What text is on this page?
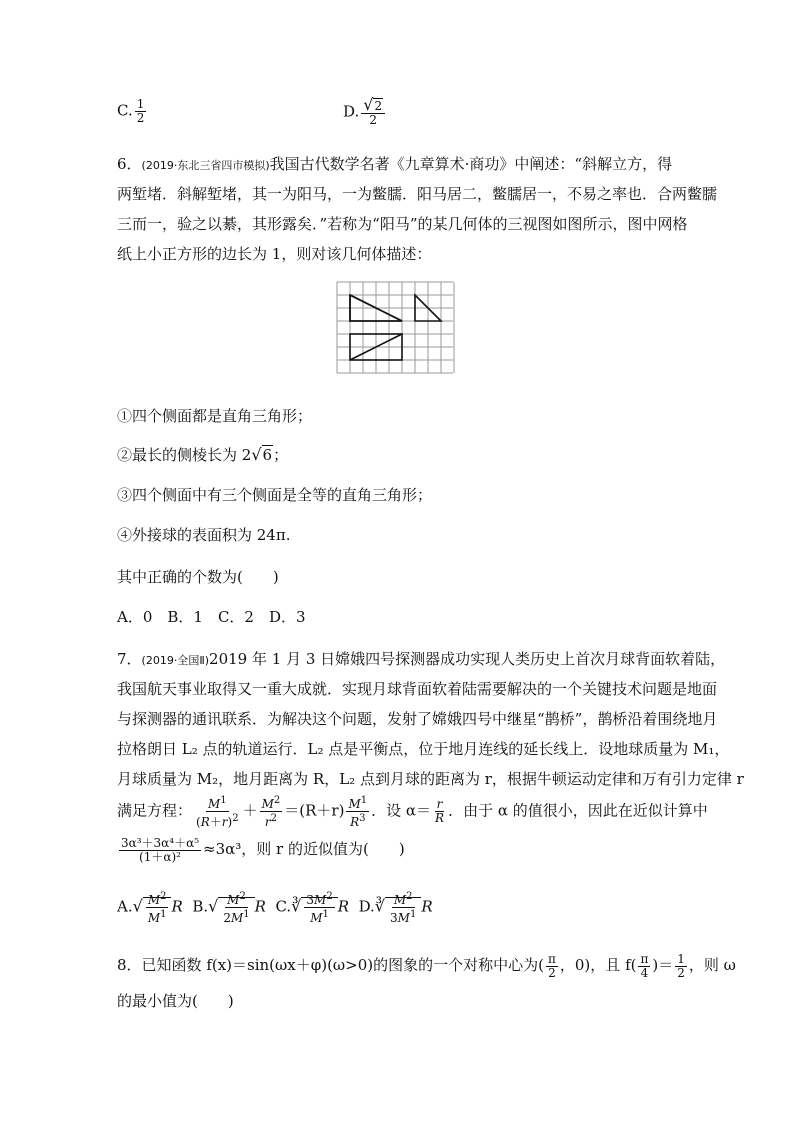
C. $\frac{1}{2}$	D. $\frac{√2}{2}$
6．(2019·东北三省四市模拟)我国古代数学名著《九章算术·商功》中阐述：“斜解立方，得
两堑堵．斜解堑堵，其一为阳马，一为鳖臑．阳马居二，鳖臑居一，不易之率也．合两鳖臑
三而一，验之以綦，其形露矣．”若称为“阳马”的某几何体的三视图如图所示，图中网格
纸上小正方形的边长为 1，则对该几何体描述：
①四个侧面都是直角三角形；
②最长的侧棱长为 2√6；
③四个侧面中有三个侧面是全等的直角三角形；
④外接球的表面积为 24π.
其中正确的个数为(　　)
A．0　B．1　C．2　D．3
7．(2019·全国Ⅱ)2019 年 1 月 3 日嫦娥四号探测器成功实现人类历史上首次月球背面软着陆，
我国航天事业取得又一重大成就．实现月球背面软着陆需要解决的一个关键技术问题是地面
与探测器的通讯联系．为解决这个问题，发射了嫦娥四号中继星“鹊桥”，鹊桥沿着围绕地月
拉格朗日 L₂ 点的轨道运行．L₂ 点是平衡点，位于地月连线的延长线上．设地球质量为 M₁，
月球质量为 M₂，地月距离为 R，L₂ 点到月球的距离为 r，根据牛顿运动定律和万有引力定律 r
满足方程： $\frac{M^1}{(R+r)^2} + \frac{M^2}{r^2} =(R+r) \frac{M^1}{R^3}$ ．设 $\alpha= \frac{r}{R}$ ．由于 α 的值很小，因此在近似计算中
$\frac{\text{3α³＋3α⁴＋α⁵}}{\text{(1＋α)²}} \approx 3\alpha^3$，则 r 的近似值为(　　)
$A.√ \frac{M^2}{M^1}$ R $B.√ \frac{M^2}{2M^1}$ R C.∛ $\frac{3M^2}{M^1}$ R D.∛ $\frac{M^2}{3M^1}$ R
8．已知函数 f(x)＝sin(ωx＋φ)(ω>0)的图象的一个对称中心为( $\frac{\pi}{2}$ ，0)，且 $f( \frac{\pi}{4}$ )＝ $\frac{1}{2}$ ，则 ω
的最小值为(　　)
